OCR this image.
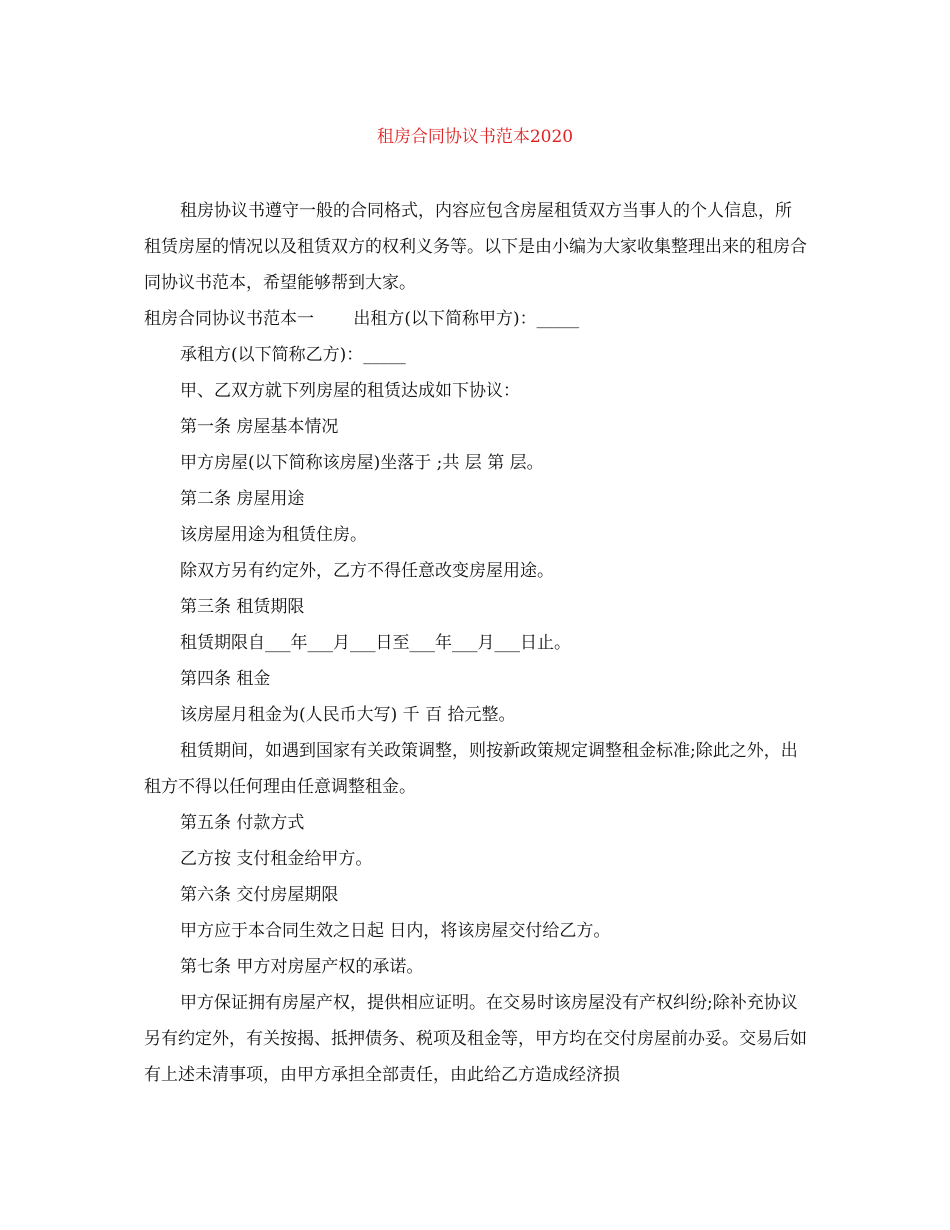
租房合同协议书范本2020

租房协议书遵守一般的合同格式，内容应包含房屋租赁双方当事人的个人信息，所租赁房屋的情况以及租赁双方的权利义务等。以下是由小编为大家收集整理出来的租房合同协议书范本，希望能够帮到大家。

租房合同协议书范本一　　 出租方(以下简称甲方)：_____

承租方(以下简称乙方)：_____

甲、乙双方就下列房屋的租赁达成如下协议：

第一条 房屋基本情况

甲方房屋(以下简称该房屋)坐落于 ;共 层 第 层。

第二条 房屋用途

该房屋用途为租赁住房。

除双方另有约定外，乙方不得任意改变房屋用途。

第三条 租赁期限

租赁期限自___年___月___日至___年___月___日止。

第四条 租金

该房屋月租金为(人民币大写) 千 百 拾元整。

租赁期间，如遇到国家有关政策调整，则按新政策规定调整租金标准;除此之外，出租方不得以任何理由任意调整租金。

第五条 付款方式

乙方按 支付租金给甲方。

第六条 交付房屋期限

甲方应于本合同生效之日起 日内，将该房屋交付给乙方。

第七条 甲方对房屋产权的承诺。

甲方保证拥有房屋产权，提供相应证明。在交易时该房屋没有产权纠纷;除补充协议另有约定外，有关按揭、抵押债务、税项及租金等，甲方均在交付房屋前办妥。交易后如有上述未清事项，由甲方承担全部责任，由此给乙方造成经济损
